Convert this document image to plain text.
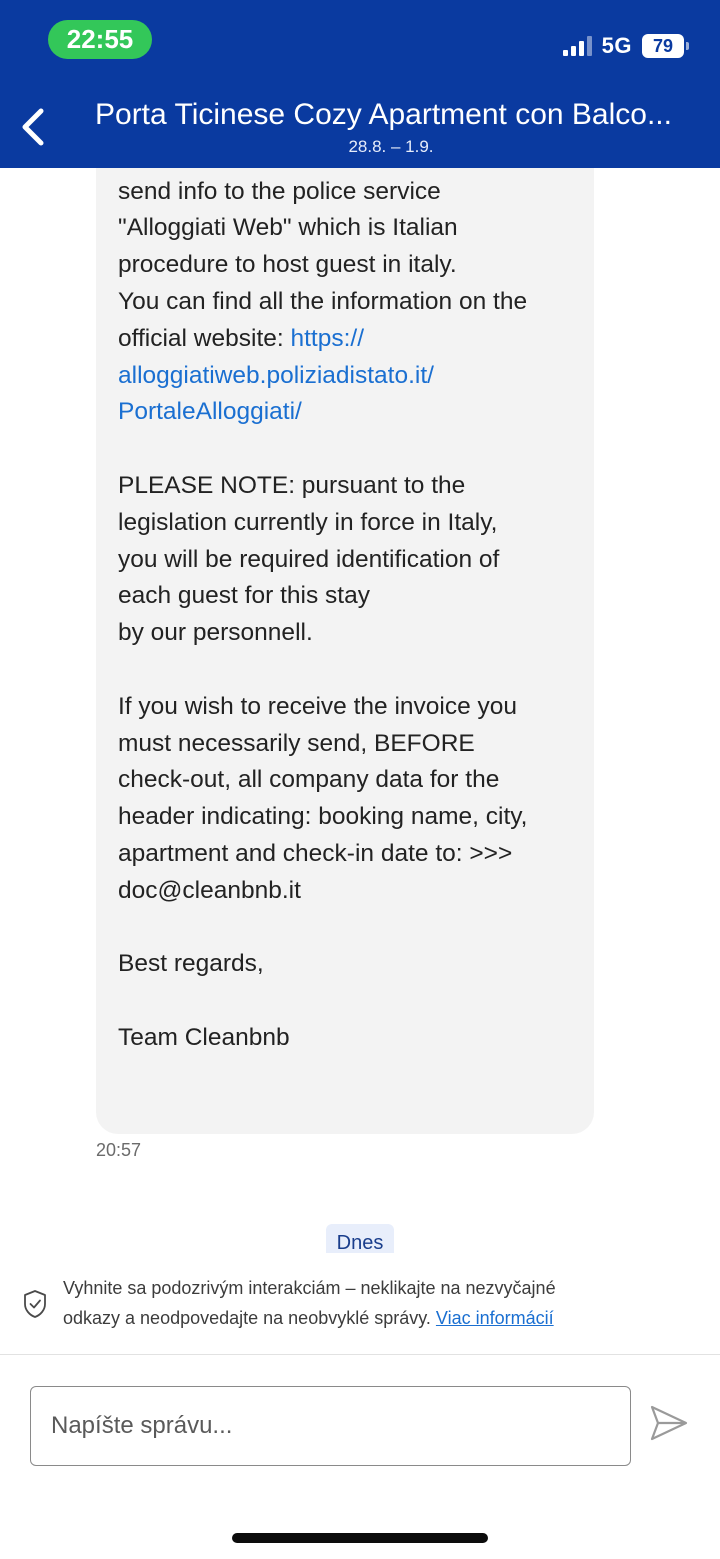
22:55	5G 79
Porta Ticinese Cozy Apartment con Balco...
28.8. – 1.9.
send info to the police service
"Alloggiati Web" which is Italian
procedure to host guest in italy.
You can find all the information on the
official website: https://
alloggiatiweb.poliziadistato.it/
PortaleAlloggiati/
PLEASE NOTE: pursuant to the
legislation currently in force in Italy,
you will be required identification of
each guest for this stay
by our personnell.
If you wish to receive the invoice you
must necessarily send, BEFORE
check-out, all company data for the
header indicating: booking name, city,
apartment and check-in date to: >>>
doc@cleanbnb.it
Best regards,
Team Cleanbnb
20:57
Dnes
Vyhnite sa podozrivým interakciám – neklikajte na nezvyčajné
odkazy a neodpovedajte na neobvyklé správy. Viac informácií
Napíšte správu...
